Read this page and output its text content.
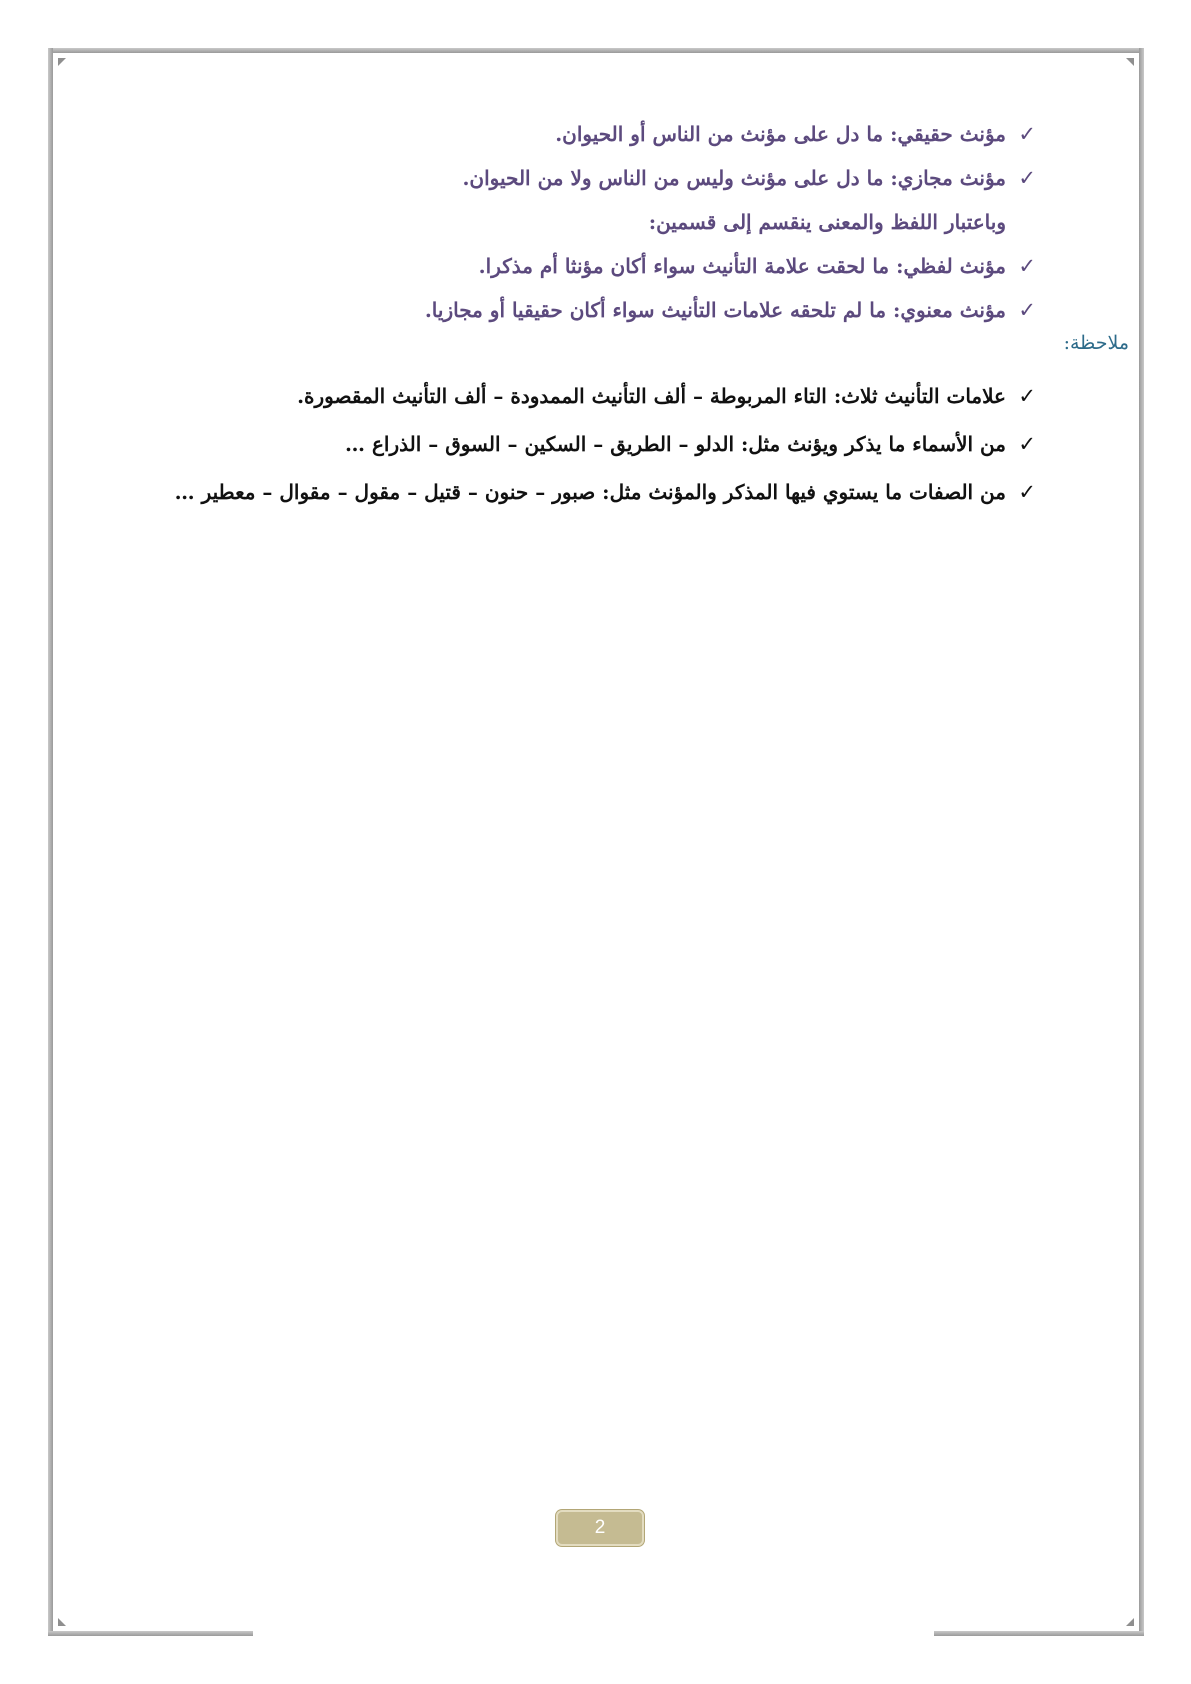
✓مؤنث حقيقي: ما دل على مؤنث من الناس أو الحيوان.
✓مؤنث مجازي: ما دل على مؤنث وليس من الناس ولا من الحيوان.
وباعتبار اللفظ والمعنى ينقسم إلى قسمين:
✓مؤنث لفظي: ما لحقت علامة التأنيث سواء أكان مؤنثا أم مذكرا.
✓مؤنث معنوي: ما لم تلحقه علامات التأنيث سواء أكان حقيقيا أو مجازيا.
ملاحظة:
✓علامات التأنيث ثلاث: التاء المربوطة – ألف التأنيث الممدودة – ألف التأنيث المقصورة.
✓من الأسماء ما يذكر ويؤنث مثل: الدلو – الطريق – السكين – السوق – الذراع …
✓من الصفات ما يستوي فيها المذكر والمؤنث مثل: صبور – حنون – قتيل – مقول – مقوال – معطير …
2
